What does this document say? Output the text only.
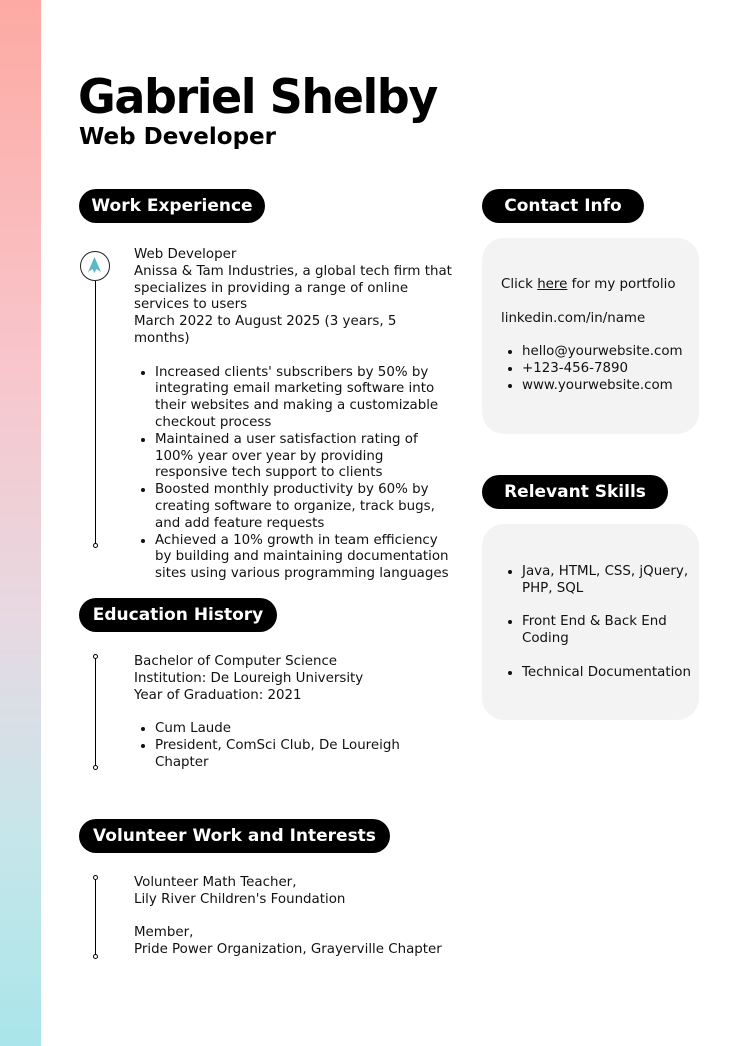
Gabriel Shelby
Web Developer
Work Experience

Web Developer

Anissa & Tam Industries, a global tech firm that specializes in providing a range of online services to users

March 2022 to August 2025 (3 years, 5 months)

• Increased clients' subscribers by 50% by integrating email marketing software into their websites and making a customizable checkout process
• Maintained a user satisfaction rating of 100% year over year by providing responsive tech support to clients
• Boosted monthly productivity by 60% by creating software to organize, track bugs, and add feature requests
• Achieved a 10% growth in team efficiency by building and maintaining documentation sites using various programming languages
Education History

Bachelor of Computer Science

Institution: De Loureigh University

Year of Graduation: 2021

• Cum Laude
• President, ComSci Club, De Loureigh Chapter
Volunteer Work and Interests

Volunteer Math Teacher,

Lily River Children's Foundation

Member,

Pride Power Organization, Grayerville Chapter

Contact Info

Click here for my portfolio

linkedin.com/in/name

• hello@yourwebsite.com
• +123-456-7890
• www.yourwebsite.com
Relevant Skills
• Java, HTML, CSS, jQuery, PHP, SQL
• Front End & Back End Coding
• Technical Documentation
